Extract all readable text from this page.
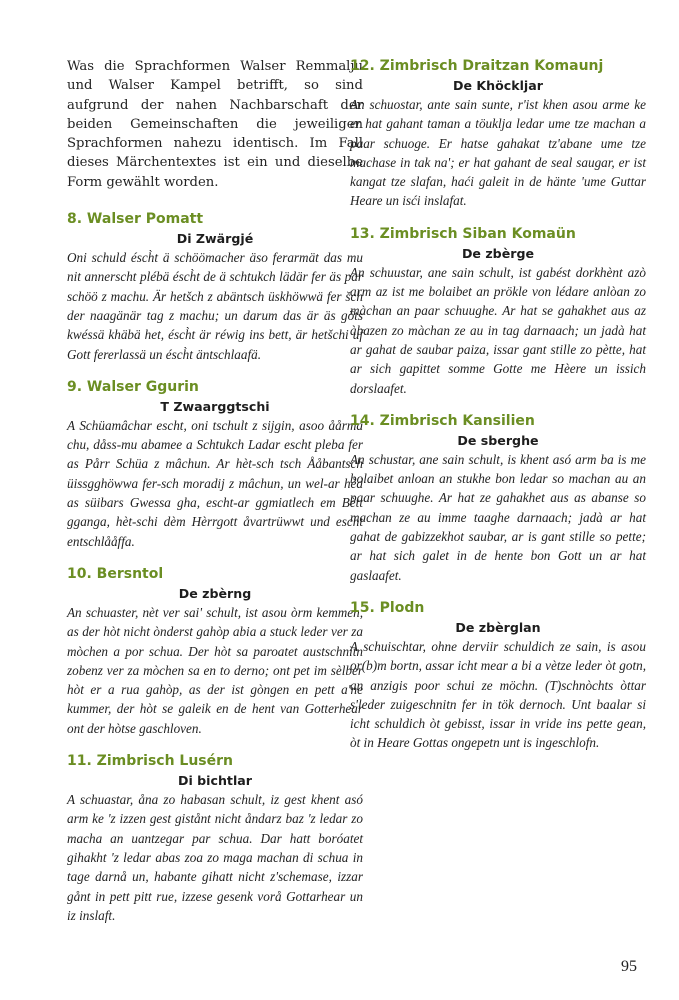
Was die Sprachformen Walser Remmalju und Walser Kampel betrifft, so sind aufgrund der nahen Nachbarschaft der beiden Gemeinschaften die jeweiligen Sprachformen nahezu identisch. Im Fall dieses Märchentextes ist ein und dieselbe Form gewählt worden.

8. Walser Pomatt
Di Zwärgjé

Oni schuld ésch̀t ä schöömacher äso ferarmät das mu nit annerscht plébä ésch̀t de ä schtukch lädär fer äs par schöö z machu. Är hetšch z abäntsch üskhöwwä fer šch der naagänär tag z machu; un darum das är äs göts kwéssä khäbä het, ésch̀t är réwig ins bett, är hetšchi uf Gott fererlassä un ésch̀t äntschlaafä.

9. Walser Ggurin
T Zwaarggtschi

A Schüamâchar escht, oni tschult z sijgin, asoo åårma chu, dåss-mu abamee a Schtukch Ladar escht pleba fer as Pårr Schüa z mâchun. Ar hèt-sch tsch Ååbantsch üissgghöwwa fer-sch moradij z mâchun, un wel-ar hèd as süibars Gwessa gha, escht-ar ggmiatlech em Bètt gganga, hèt-schi dèm Hèrrgott åvartrüwwt und escht entschlååffa.

10. Bersntol
De zbèrng

An schuaster, nèt ver sai' schult, ist asou òrm kemmen, as der hòt nicht ònderst gahòp abia a stuck leder ver za mòchen a por schua. Der hòt sa paroatet austschnìtn zobenz ver za mòchen sa en to derno; ont pet im sèlber hòt er a rua gahòp, as der ist gòngen en pett a'ne kummer, der hòt se galeik en de hent van Gotterhear ont der hòtse gaschloven.

11. Zimbrisch Lusérn
Di bichtlar

A schuastar, åna zo habasan schult, iz gest khent asó arm ke 'z izzen gest gistånt nicht åndarz baz 'z ledar zo macha an uantzegar par schua. Dar hatt boróatet gihakht 'z ledar abas zoa zo maga machan di schua in tage darnå un, habante gihatt nicht z'schemase, izzar gånt in pett pitt rue, izzese gesenk vorå Gottarhear un iz inslaft.

12. Zimbrisch Draitzan Komaunj
De Khöckljar

An schuostar, ante sain sunte, r'ist khen asou arme ke er hat gahant taman a töuklja ledar ume tze machan a paar schuoge. Er hatse gahakat tz'abane ume tze machase in tak na'; er hat gahant de seal saugar, er ist kangat tze slafan, haći galeit in de hänte 'ume Guttar Heare un isći inslafat.

13. Zimbrisch Siban Komaün
De zbèrge

An schuustar, ane sain schult, ist gabést dorkhènt azò arm az ist me bolaibet an prökle von lédare anlòan zo màchan an paar schuughe. Ar hat se gahakhet aus az àbazen zo màchan ze au in tag darnaach; un jadà hat ar gahat de saubar paiza, issar gant stille zo pètte, hat ar sich gapittet somme Gotte me Hèere un issich dorslaafet.

14. Zimbrisch Kansilien
De sberghe

An schustar, ane sain schult, is khent asó arm ba is me bolaibet anloan an stukhe bon ledar so machan au an paar schuughe. Ar hat ze gahakhet aus as abanse so machan ze au imme taaghe darnaach; jadà ar hat gahat de gabizzekhot saubar, ar is gant stille so pette; ar hat sich galet in de hente bon Gott un ar hat gaslaafet.

15. Plodn
De zbèrglan

A schuischtar, ohne derviir schuldich ze sain, is asou or(b)m bortn, assar icht mear a bi a vètze leder òt gotn, an anzigis poor schui ze möchn. (T)schnòchts òttar s'leder zuigeschnitn fer in tök dernoch. Unt baalar si icht schuldich òt gebisst, issar in vride ins pette gean, òt in Heare Gottas ongepetn unt is ingeschlofn.

95
